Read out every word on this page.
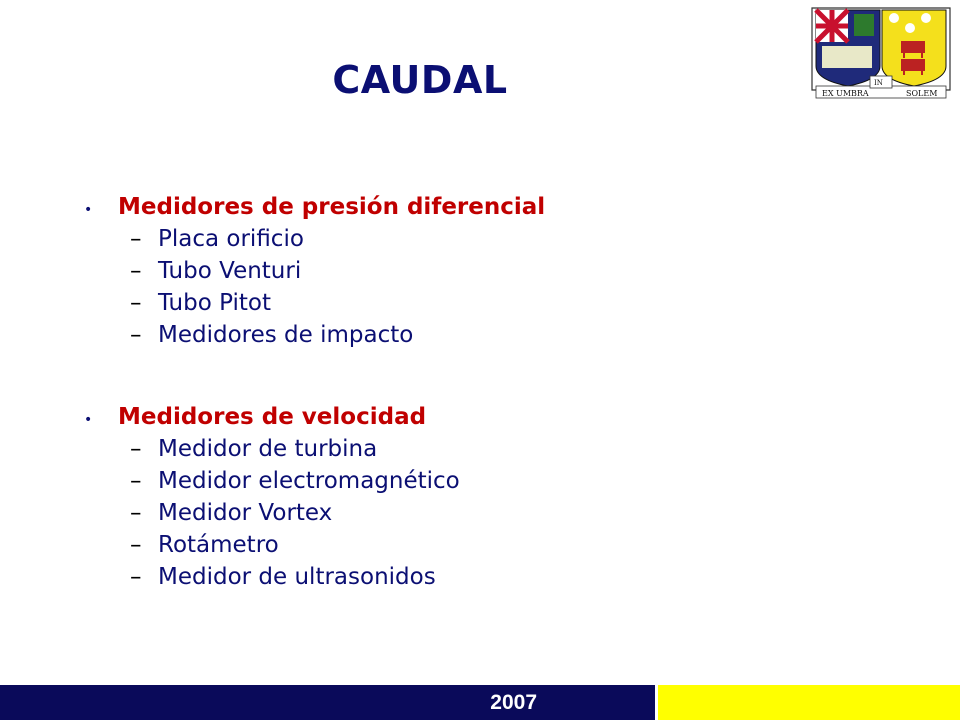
CAUDAL	EX UMBRA
IN
SOLEM
•	Medidores de presión diferencial
– Placa orificio
– Tubo Venturi
– Tubo Pitot
– Medidores de impacto
•	Medidores de velocidad
– Medidor de turbina
– Medidor electromagnético
– Medidor Vortex
– Rotámetro
– Medidor de ultrasonidos
2007
